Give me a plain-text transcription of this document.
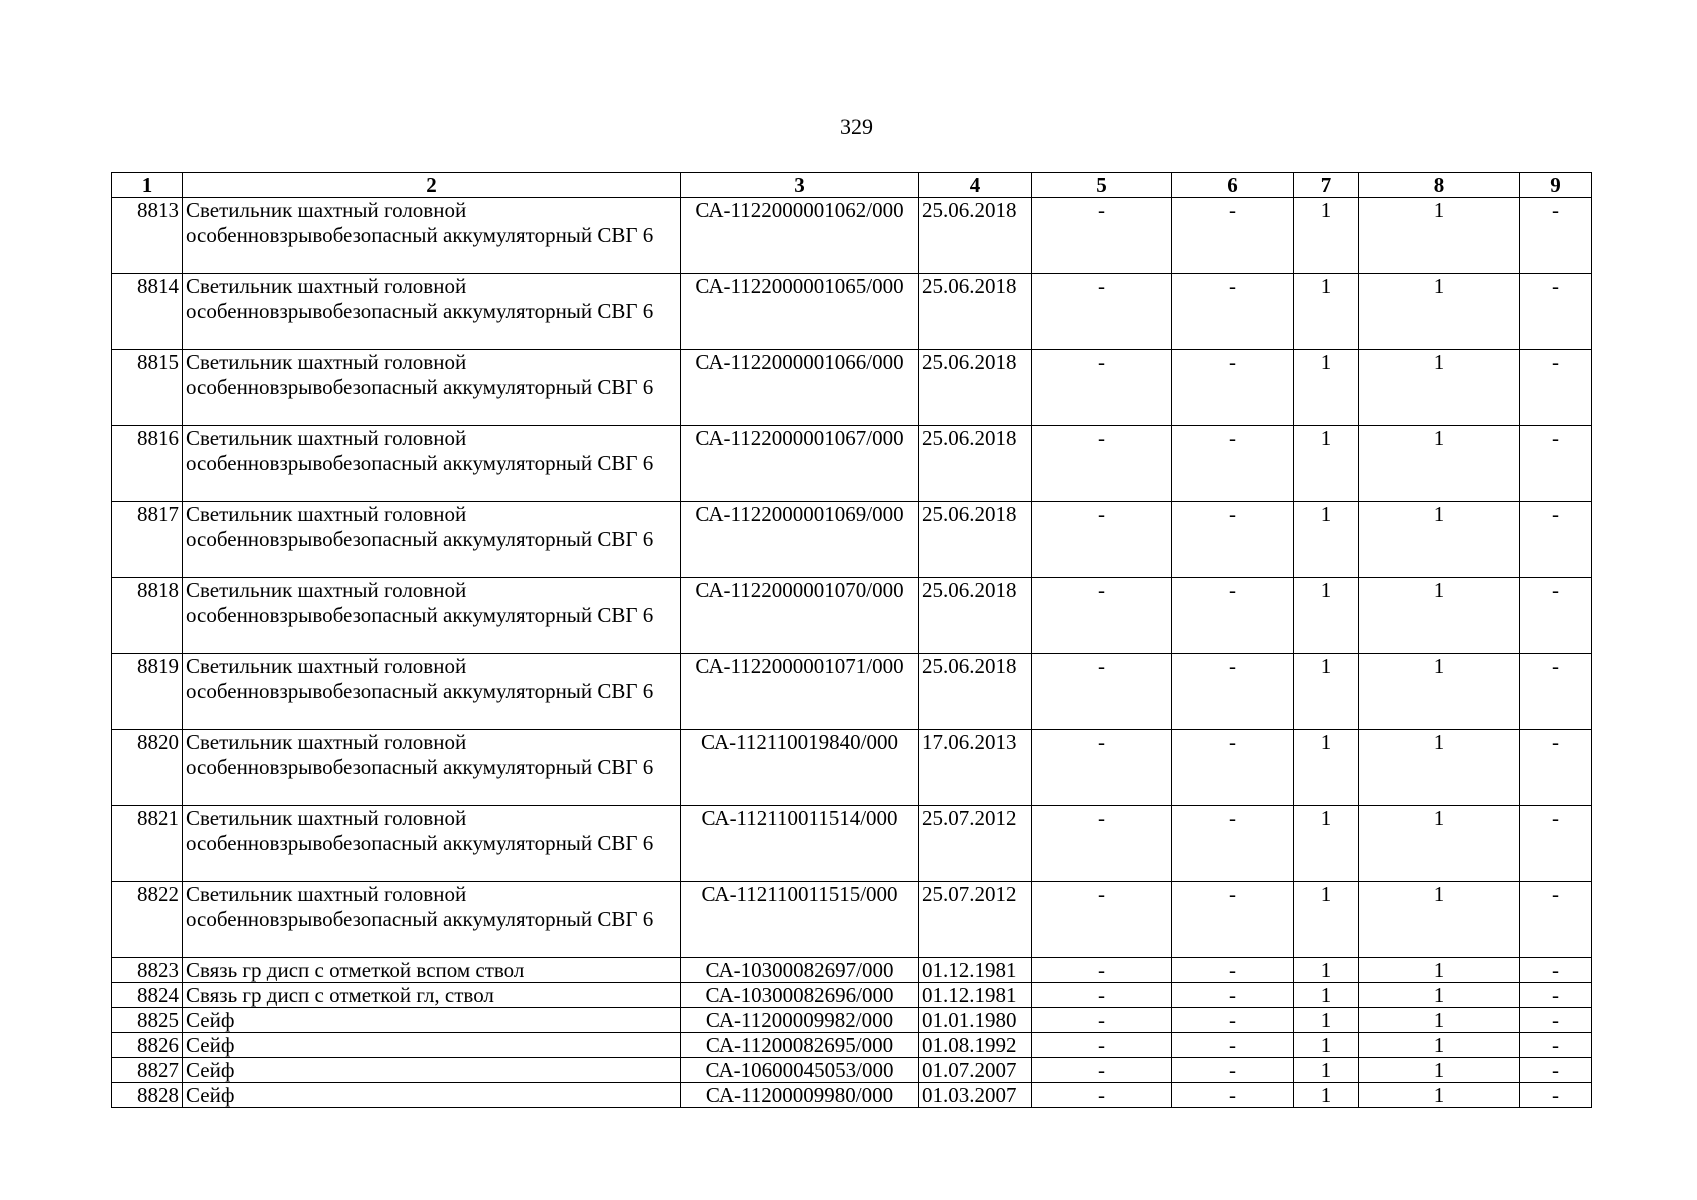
329
1	2	3	4	5	6	7	8	9
8813	Светильник шахтный головной особенновзрывобезопасный аккумуляторный СВГ 6	СА-1122000001062/000	25.06.2018	-	-	1	1	-
8814	Светильник шахтный головной особенновзрывобезопасный аккумуляторный СВГ 6	СА-1122000001065/000	25.06.2018	-	-	1	1	-
8815	Светильник шахтный головной особенновзрывобезопасный аккумуляторный СВГ 6	СА-1122000001066/000	25.06.2018	-	-	1	1	-
8816	Светильник шахтный головной особенновзрывобезопасный аккумуляторный СВГ 6	СА-1122000001067/000	25.06.2018	-	-	1	1	-
8817	Светильник шахтный головной особенновзрывобезопасный аккумуляторный СВГ 6	СА-1122000001069/000	25.06.2018	-	-	1	1	-
8818	Светильник шахтный головной особенновзрывобезопасный аккумуляторный СВГ 6	СА-1122000001070/000	25.06.2018	-	-	1	1	-
8819	Светильник шахтный головной особенновзрывобезопасный аккумуляторный СВГ 6	СА-1122000001071/000	25.06.2018	-	-	1	1	-
8820	Светильник шахтный головной особенновзрывобезопасный аккумуляторный СВГ 6	СА-112110019840/000	17.06.2013	-	-	1	1	-
8821	Светильник шахтный головной особенновзрывобезопасный аккумуляторный СВГ 6	СА-112110011514/000	25.07.2012	-	-	1	1	-
8822	Светильник шахтный головной особенновзрывобезопасный аккумуляторный СВГ 6	СА-112110011515/000	25.07.2012	-	-	1	1	-
8823	Связь гр дисп с отметкой вспом ствол	СА-10300082697/000	01.12.1981	-	-	1	1	-
8824	Связь гр дисп с отметкой гл, ствол	СА-10300082696/000	01.12.1981	-	-	1	1	-
8825	Сейф	СА-11200009982/000	01.01.1980	-	-	1	1	-
8826	Сейф	СА-11200082695/000	01.08.1992	-	-	1	1	-
8827	Сейф	СА-10600045053/000	01.07.2007	-	-	1	1	-
8828	Сейф	СА-11200009980/000	01.03.2007	-	-	1	1	-
